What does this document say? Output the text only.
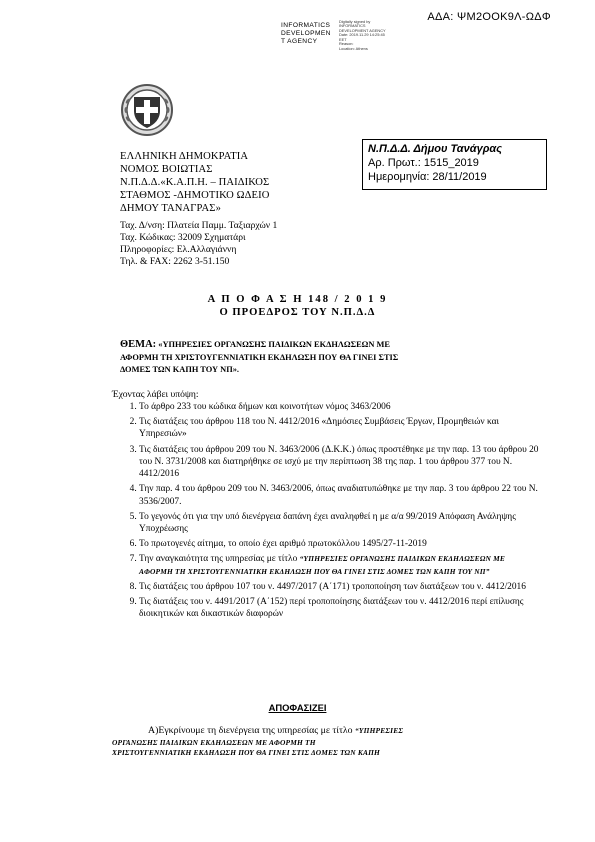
ΑΔΑ: ΨΜ2ΟΟΚ9Λ-ΩΔΦ
INFORMATICS
DEVELOPMEN
T AGENCY
Digitally signed by
INFORMATICS
DEVELOPMENT AGENCY
Date: 2019.11.29 14:25:45
EET
Reason:
Location: Athens
ΕΛΛΗΝΙΚΗ ΔΗΜΟΚΡΑΤΙΑ
ΝΟΜΟΣ ΒΟΙΩΤΙΑΣ
Ν.Π.Δ.Δ.«Κ.Α.Π.Η. – ΠΑΙΔΙΚΟΣ
ΣΤΑΘΜΟΣ -ΔΗΜΟΤΙΚΟ ΩΔΕΙΟ
ΔΗΜΟΥ ΤΑΝΑΓΡΑΣ»
Ταχ. Δ/νση: Πλατεία Παμμ. Ταξιαρχών 1
Ταχ. Κώδικας: 32009 Σχηματάρι
Πληροφορίες: Ελ.Αλλαγιάννη
Τηλ. & FAX: 2262 3-51.150
Ν.Π.Δ.Δ. Δήμου Τανάγρας
Αρ. Πρωτ.: 1515_2019
Ημερομηνία: 28/11/2019
Α Π Ο Φ Α Σ Η 148 / 2 0 1 9
Ο ΠΡΟΕΔΡΟΣ ΤΟΥ Ν.Π.Δ.Δ
ΘΕΜΑ: «ΥΠΗΡΕΣΙΕΣ ΟΡΓΑΝΩΣΗΣ ΠΑΙΔΙΚΩΝ ΕΚΔΗΛΩΣΕΩΝ ΜΕ
ΑΦΟΡΜΗ ΤΗ ΧΡΙΣΤΟΥΓΕΝΝΙΑΤΙΚΗ ΕΚΔΗΛΩΣΗ ΠΟΥ ΘΑ ΓΙΝΕΙ ΣΤΙΣ
ΔΟΜΕΣ ΤΩΝ ΚΑΠΗ ΤΟΥ ΝΠ».
Έχοντας λάβει υπόψη:
1. Το άρθρο 233 του κώδικα δήμων και κοινοτήτων νόμος 3463/2006
2. Τις διατάξεις του άρθρου 118 του Ν. 4412/2016 «Δημόσιες Συμβάσεις Έργων, Προμηθειών και Υπηρεσιών»
3. Τις διατάξεις του άρθρου 209 του Ν. 3463/2006 (Δ.Κ.Κ.) όπως προστέθηκε με την παρ. 13 του άρθρου 20 του Ν. 3731/2008 και διατηρήθηκε σε ισχύ με την περίπτωση 38 της παρ. 1 του άρθρου 377 του Ν. 4412/2016
4. Την παρ. 4 του άρθρου 209 του Ν. 3463/2006, όπως αναδιατυπώθηκε με την παρ. 3 του άρθρου 22 του Ν. 3536/2007.
5. Το γεγονός ότι για την υπό διενέργεια δαπάνη έχει αναληφθεί η με α/α 99/2019 Απόφαση Ανάληψης Υποχρέωσης
6. Το πρωτογενές αίτημα, το οποίο έχει αριθμό πρωτοκόλλου 1495/27-11-2019
7. Την αναγκαιότητα της υπηρεσίας με τίτλο “ΥΠΗΡΕΣΙΕΣ ΟΡΓΑΝΩΣΗΣ ΠΑΙΔΙΚΩΝ ΕΚΔΗΛΩΣΕΩΝ ΜΕ ΑΦΟΡΜΗ ΤΗ ΧΡΙΣΤΟΥΓΕΝΝΙΑΤΙΚΗ ΕΚΔΗΛΩΣΗ ΠΟΥ ΘΑ ΓΙΝΕΙ ΣΤΙΣ ΔΟΜΕΣ ΤΩΝ ΚΑΠΗ ΤΟΥ ΝΠ”
8. Τις διατάξεις του άρθρου 107 του ν. 4497/2017 (Α΄171) τροποποίηση των διατάξεων του ν. 4412/2016
9. Τις διατάξεις του ν. 4491/2017 (Α΄152) περί τροποποίησης διατάξεων του ν. 4412/2016 περί επίλυσης διοικητικών και δικαστικών διαφορών
ΑΠΟΦΑΣΙΖΕΙ
Α)Εγκρίνουμε τη διενέργεια της υπηρεσίας με τίτλο “ΥΠΗΡΕΣΙΕΣ
ΟΡΓΑΝΩΣΗΣ ΠΑΙΔΙΚΩΝ ΕΚΔΗΛΩΣΕΩΝ ΜΕ ΑΦΟΡΜΗ ΤΗ
ΧΡΙΣΤΟΥΓΕΝΝΙΑΤΙΚΗ ΕΚΔΗΛΩΣΗ ΠΟΥ ΘΑ ΓΙΝΕΙ ΣΤΙΣ ΔΟΜΕΣ ΤΩΝ ΚΑΠΗ
